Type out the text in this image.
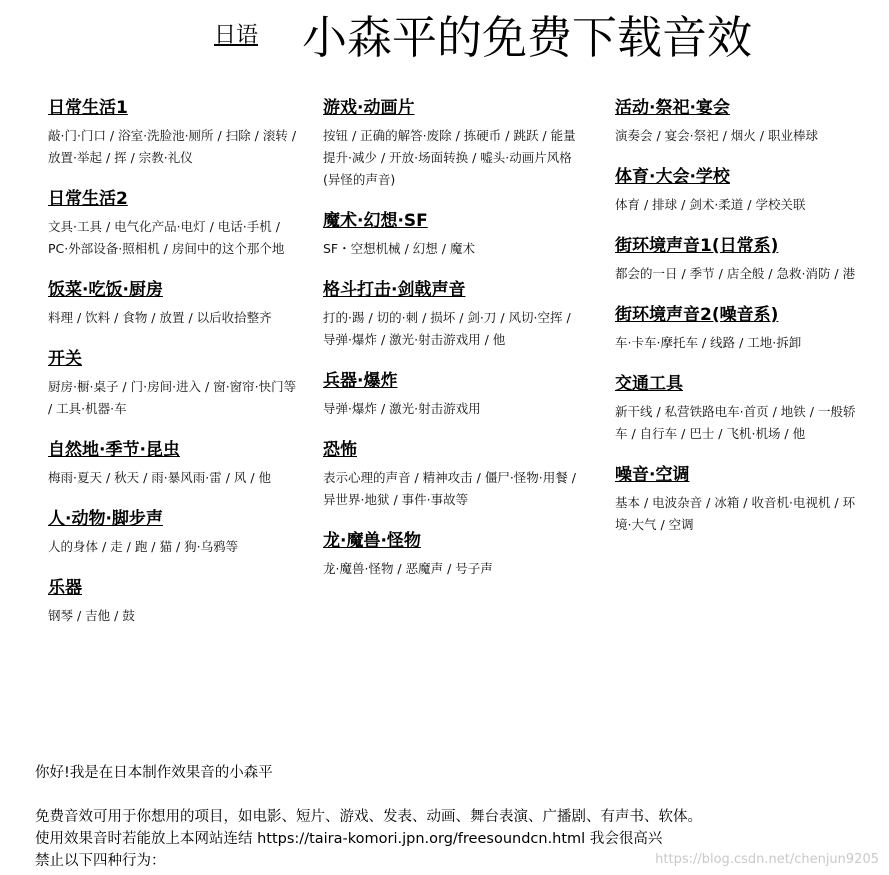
日语 小森平的免费下载音效
日常生活1
敲·门·门口 / 浴室·洗脸池·厕所 / 扫除 / 滚转 / 放置·举起 / 挥 / 宗教·礼仪
日常生活2
文具·工具 / 电气化产品·电灯 / 电话·手机 / PC·外部设备·照相机 / 房间中的这个那个地
饭菜·吃饭·厨房
料理 / 饮料 / 食物 / 放置 / 以后收拾整齐
开关
厨房·橱·桌子 / 门·房间·进入 / 窗·窗帘·快门等 / 工具·机器·车
自然地·季节·昆虫
梅雨·夏天 / 秋天 / 雨·暴风雨·雷 / 风 / 他
人·动物·脚步声
人的身体 / 走 / 跑 / 猫 / 狗·乌鸦等
乐器
钢琴 / 吉他 / 鼓
游戏·动画片
按钮 / 正确的解答·废除 / 拣硬币 / 跳跃 / 能量提升·减少 / 开放·场面转换 / 嘘头·动画片风格(异怪的声音)
魔术·幻想·SF
SF・空想机械 / 幻想 / 魔术
格斗打击·剑戟声音
打的·踢 / 切的·刺 / 损坏 / 剑·刀 / 风切·空挥 / 导弹·爆炸 / 激光·射击游戏用 / 他
兵器·爆炸
导弹·爆炸 / 激光·射击游戏用
恐怖
表示心理的声音 / 精神攻击 / 僵尸·怪物·用餐 / 异世界·地狱 / 事件·事故等
龙·魔兽·怪物
龙·魔兽·怪物 / 恶魔声 / 号子声
活动·祭祀·宴会
演奏会 / 宴会·祭祀 / 烟火 / 职业棒球
体育·大会·学校
体育 / 排球 / 剑术·柔道 / 学校关联
街环境声音1(日常系)
都会的一日 / 季节 / 店全般 / 急救·消防 / 港
街环境声音2(噪音系)
车·卡车·摩托车 / 线路 / 工地·拆卸
交通工具
新干线 / 私营铁路电车·首页 / 地铁 / 一般轿车 / 自行车 / 巴士 / 飞机·机场 / 他
噪音·空调
基本 / 电波杂音 / 冰箱 / 收音机·电视机 / 环境·大气 / 空调

你好!我是在日本制作效果音的小森平

免费音效可用于你想用的项目，如电影、短片、游戏、发表、动画、舞台表演、广播剧、有声书、软体。

使用效果音时若能放上本网站连结 https://taira-komori.jpn.org/freesoundcn.html 我会很高兴

禁止以下四种行为：	https://blog.csdn.net/chenjun9205
